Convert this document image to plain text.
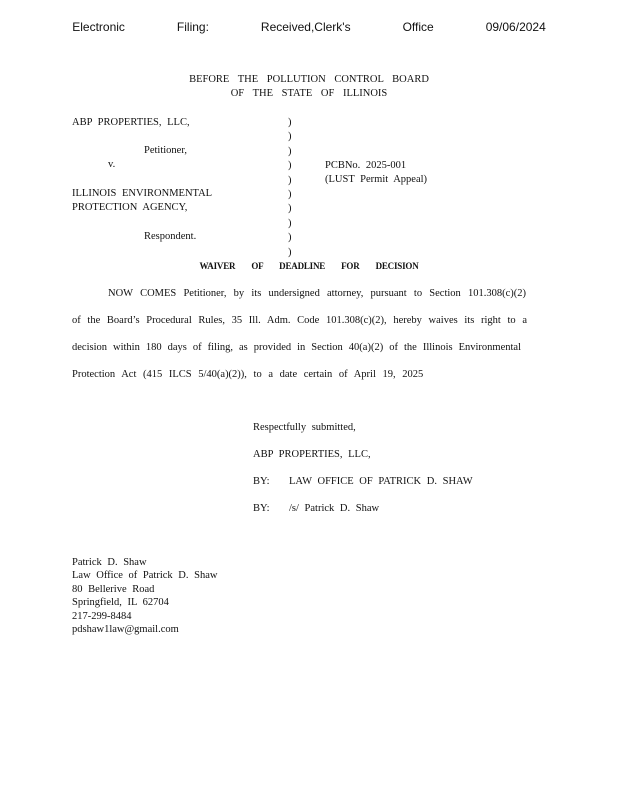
Electronic   Filing:   Received,Clerk's   Office   09/06/2024
BEFORE THE POLLUTION CONTROL BOARD
OF THE STATE OF ILLINOIS
ABP PROPERTIES, LLC,
Petitioner,
v.
ILLINOIS ENVIRONMENTAL
PROTECTION AGENCY,
Respondent.
)
)
)
)
)
)
)
)
)
)
PCBNo. 2025-001
(LUST Permit Appeal)
WAIVER OF DEADLINE FOR DECISION
NOW COMES Petitioner, by its undersigned attorney, pursuant to Section 101.308(c)(2)
of the Board’s Procedural Rules, 35 Ill. Adm. Code 101.308(c)(2), hereby waives its right to a
decision within 180 days of filing, as provided in Section 40(a)(2) of the Illinois Environmental
Protection Act (415 ILCS 5/40(a)(2)), to a date certain of April 19, 2025
Respectfully submitted,
ABP PROPERTIES, LLC,
BY: LAW OFFICE OF PATRICK D. SHAW
BY: /s/ Patrick D. Shaw
Patrick D. Shaw
Law Office of Patrick D. Shaw
80 Bellerive Road
Springfield, IL 62704
217-299-8484
pdshaw1law@gmail.com
